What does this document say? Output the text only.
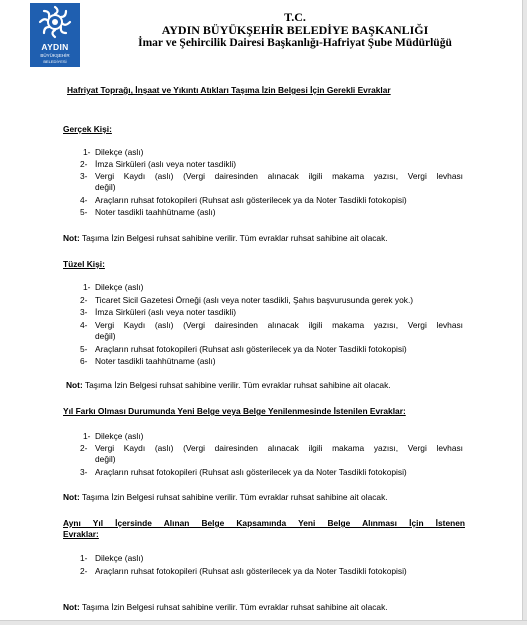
AYDIN
BÜYÜKŞEHİR
BELEDİYESİ
T.C.
AYDIN BÜYÜKŞEHİR BELEDİYE BAŞKANLIĞI
İmar ve Şehircilik Dairesi Başkanlığı-Hafriyat Şube Müdürlüğü
Hafriyat Toprağı, İnşaat ve Yıkıntı Atıkları Taşıma İzin Belgesi İçin Gerekli Evraklar
Gerçek Kişi:
1- Dilekçe (aslı)
2- İmza Sirküleri (aslı veya noter tasdikli)
3- Vergi Kaydı (aslı) (Vergi dairesinden alınacak ilgili makama yazısı, Vergi levhası
değil)
4- Araçların ruhsat fotokopileri (Ruhsat aslı gösterilecek ya da Noter Tasdikli fotokopisi)
5- Noter tasdikli taahhütname (aslı)
Not: Taşıma İzin Belgesi ruhsat sahibine verilir. Tüm evraklar ruhsat sahibine ait olacak.
Tüzel Kişi:
1- Dilekçe (aslı)
2- Ticaret Sicil Gazetesi Örneği (aslı veya noter tasdikli, Şahıs başvurusunda gerek yok.)
3- İmza Sirküleri (aslı veya noter tasdikli)
4- Vergi Kaydı (aslı) (Vergi dairesinden alınacak ilgili makama yazısı, Vergi levhası
değil)
5- Araçların ruhsat fotokopileri (Ruhsat aslı gösterilecek ya da Noter Tasdikli fotokopisi)
6- Noter tasdikli taahhütname (aslı)
Not: Taşıma İzin Belgesi ruhsat sahibine verilir. Tüm evraklar ruhsat sahibine ait olacak.
Yıl Farkı Olması Durumunda Yeni Belge veya Belge Yenilenmesinde İstenilen Evraklar:
1- Dilekçe (aslı)
2- Vergi Kaydı (aslı) (Vergi dairesinden alınacak ilgili makama yazısı, Vergi levhası
değil)
3- Araçların ruhsat fotokopileri (Ruhsat aslı gösterilecek ya da Noter Tasdikli fotokopisi)
Not: Taşıma İzin Belgesi ruhsat sahibine verilir. Tüm evraklar ruhsat sahibine ait olacak.
Aynı Yıl İçersinde Alınan Belge Kapsamında Yeni Belge Alınması İçin İstenen
Evraklar:
1- Dilekçe (aslı)
2- Araçların ruhsat fotokopileri (Ruhsat aslı gösterilecek ya da Noter Tasdikli fotokopisi)
Not: Taşıma İzin Belgesi ruhsat sahibine verilir. Tüm evraklar ruhsat sahibine ait olacak.
